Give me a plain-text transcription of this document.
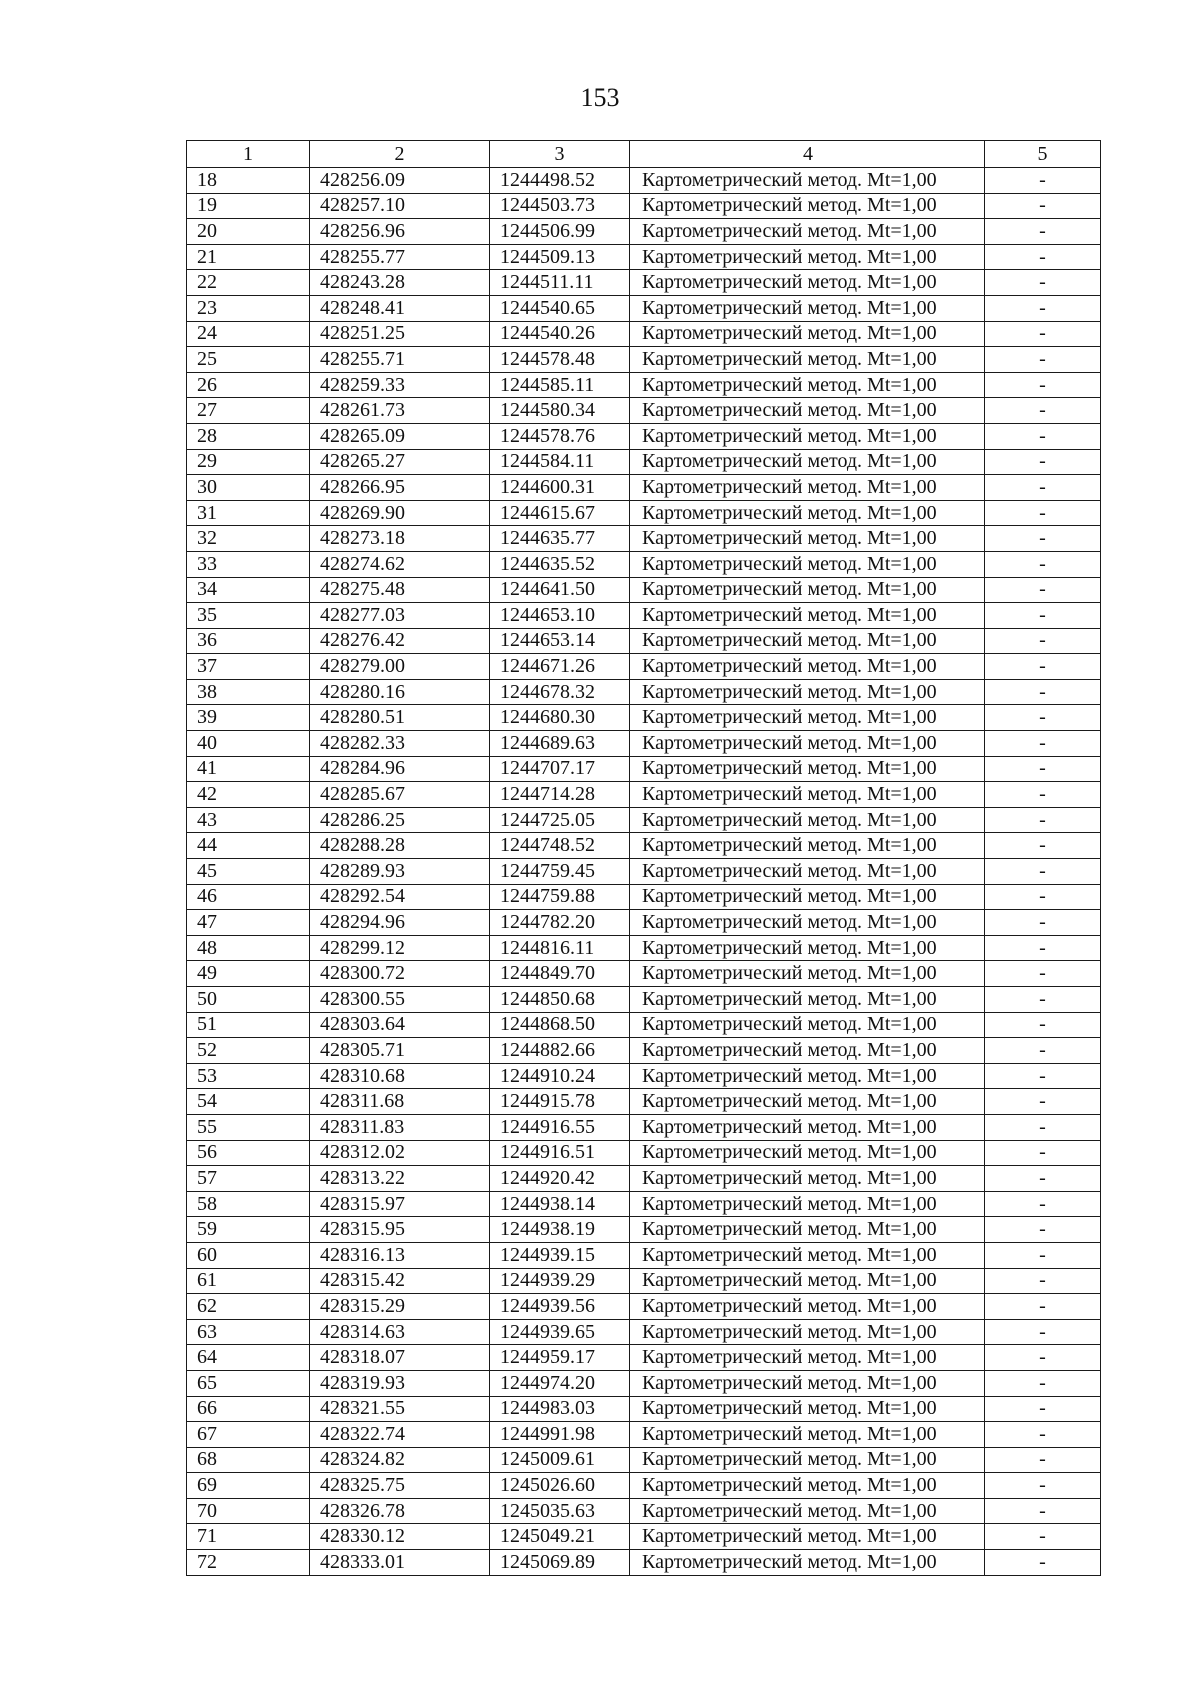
153
1	2	3	4	5
18	428256.09	1244498.52	Картометрический метод. Mt=1,00	-
19	428257.10	1244503.73	Картометрический метод. Mt=1,00	-
20	428256.96	1244506.99	Картометрический метод. Mt=1,00	-
21	428255.77	1244509.13	Картометрический метод. Mt=1,00	-
22	428243.28	1244511.11	Картометрический метод. Mt=1,00	-
23	428248.41	1244540.65	Картометрический метод. Mt=1,00	-
24	428251.25	1244540.26	Картометрический метод. Mt=1,00	-
25	428255.71	1244578.48	Картометрический метод. Mt=1,00	-
26	428259.33	1244585.11	Картометрический метод. Mt=1,00	-
27	428261.73	1244580.34	Картометрический метод. Mt=1,00	-
28	428265.09	1244578.76	Картометрический метод. Mt=1,00	-
29	428265.27	1244584.11	Картометрический метод. Mt=1,00	-
30	428266.95	1244600.31	Картометрический метод. Mt=1,00	-
31	428269.90	1244615.67	Картометрический метод. Mt=1,00	-
32	428273.18	1244635.77	Картометрический метод. Mt=1,00	-
33	428274.62	1244635.52	Картометрический метод. Mt=1,00	-
34	428275.48	1244641.50	Картометрический метод. Mt=1,00	-
35	428277.03	1244653.10	Картометрический метод. Mt=1,00	-
36	428276.42	1244653.14	Картометрический метод. Mt=1,00	-
37	428279.00	1244671.26	Картометрический метод. Mt=1,00	-
38	428280.16	1244678.32	Картометрический метод. Mt=1,00	-
39	428280.51	1244680.30	Картометрический метод. Mt=1,00	-
40	428282.33	1244689.63	Картометрический метод. Mt=1,00	-
41	428284.96	1244707.17	Картометрический метод. Mt=1,00	-
42	428285.67	1244714.28	Картометрический метод. Mt=1,00	-
43	428286.25	1244725.05	Картометрический метод. Mt=1,00	-
44	428288.28	1244748.52	Картометрический метод. Mt=1,00	-
45	428289.93	1244759.45	Картометрический метод. Mt=1,00	-
46	428292.54	1244759.88	Картометрический метод. Mt=1,00	-
47	428294.96	1244782.20	Картометрический метод. Mt=1,00	-
48	428299.12	1244816.11	Картометрический метод. Mt=1,00	-
49	428300.72	1244849.70	Картометрический метод. Mt=1,00	-
50	428300.55	1244850.68	Картометрический метод. Mt=1,00	-
51	428303.64	1244868.50	Картометрический метод. Mt=1,00	-
52	428305.71	1244882.66	Картометрический метод. Mt=1,00	-
53	428310.68	1244910.24	Картометрический метод. Mt=1,00	-
54	428311.68	1244915.78	Картометрический метод. Mt=1,00	-
55	428311.83	1244916.55	Картометрический метод. Mt=1,00	-
56	428312.02	1244916.51	Картометрический метод. Mt=1,00	-
57	428313.22	1244920.42	Картометрический метод. Mt=1,00	-
58	428315.97	1244938.14	Картометрический метод. Mt=1,00	-
59	428315.95	1244938.19	Картометрический метод. Mt=1,00	-
60	428316.13	1244939.15	Картометрический метод. Mt=1,00	-
61	428315.42	1244939.29	Картометрический метод. Mt=1,00	-
62	428315.29	1244939.56	Картометрический метод. Mt=1,00	-
63	428314.63	1244939.65	Картометрический метод. Mt=1,00	-
64	428318.07	1244959.17	Картометрический метод. Mt=1,00	-
65	428319.93	1244974.20	Картометрический метод. Mt=1,00	-
66	428321.55	1244983.03	Картометрический метод. Mt=1,00	-
67	428322.74	1244991.98	Картометрический метод. Mt=1,00	-
68	428324.82	1245009.61	Картометрический метод. Mt=1,00	-
69	428325.75	1245026.60	Картометрический метод. Mt=1,00	-
70	428326.78	1245035.63	Картометрический метод. Mt=1,00	-
71	428330.12	1245049.21	Картометрический метод. Mt=1,00	-
72	428333.01	1245069.89	Картометрический метод. Mt=1,00	-
